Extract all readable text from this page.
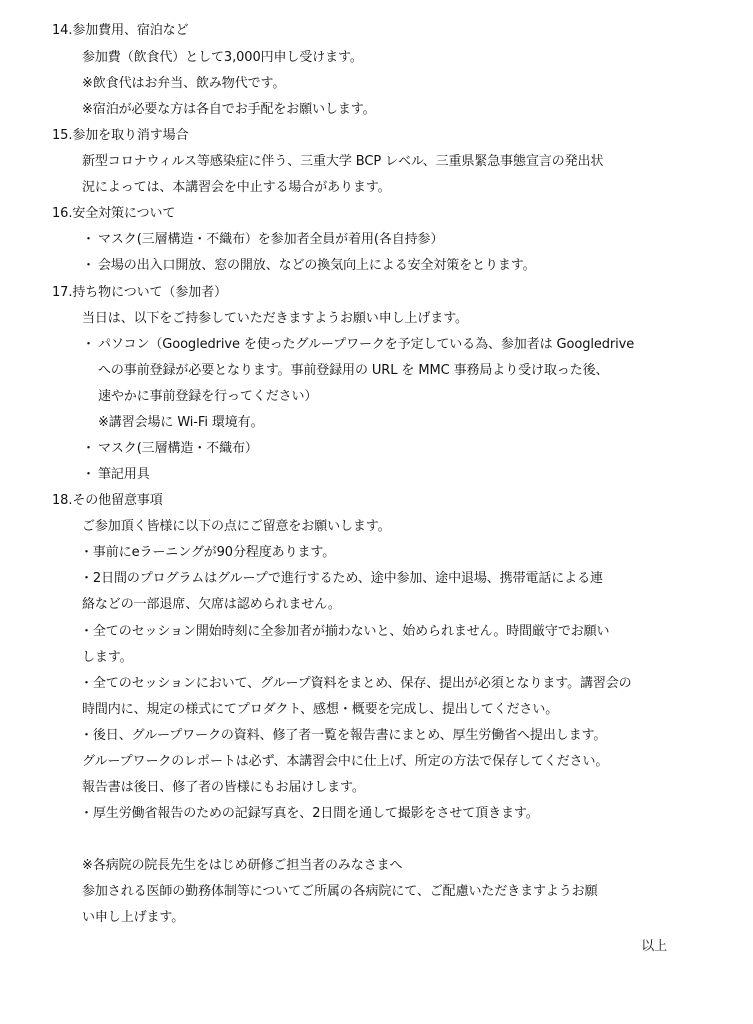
14.参加費用、宿泊など
参加費（飲食代）として3,000円申し受けます。
※飲食代はお弁当、飲み物代です。
※宿泊が必要な方は各自でお手配をお願いします。
15.参加を取り消す場合
新型コロナウィルス等感染症に伴う、三重大学 BCP レベル、三重県緊急事態宣言の発出状
況によっては、本講習会を中止する場合があります。
16.安全対策について
・ マスク(三層構造・不織布）を参加者全員が着用(各自持参）
・ 会場の出入口開放、窓の開放、などの換気向上による安全対策をとります。
17.持ち物について（参加者）
当日は、以下をご持参していただきますようお願い申し上げます。
・ パソコン（Googledrive を使ったグループワークを予定している為、参加者は Googledrive
への事前登録が必要となります。事前登録用の URL を MMC 事務局より受け取った後、
速やかに事前登録を行ってください）
※講習会場に Wi-Fi 環境有。
・ マスク(三層構造・不織布）
・ 筆記用具
18.その他留意事項
ご参加頂く皆様に以下の点にご留意をお願いします。
・事前にeラーニングが90分程度あります。
・2日間のプログラムはグループで進行するため、途中参加、途中退場、携帯電話による連
絡などの一部退席、欠席は認められません。
・全てのセッション開始時刻に全参加者が揃わないと、始められません。時間厳守でお願い
します。
・全てのセッションにおいて、グループ資料をまとめ、保存、提出が必須となります。講習会の
時間内に、規定の様式にてプロダクト、感想・概要を完成し、提出してください。
・後日、グループワークの資料、修了者一覧を報告書にまとめ、厚生労働省へ提出します。
グループワークのレポートは必ず、本講習会中に仕上げ、所定の方法で保存してください。
報告書は後日、修了者の皆様にもお届けします。
・厚生労働省報告のための記録写真を、2日間を通して撮影をさせて頂きます。
※各病院の院長先生をはじめ研修ご担当者のみなさまへ
参加される医師の勤務体制等についてご所属の各病院にて、ご配慮いただきますようお願
い申し上げます。
以上
